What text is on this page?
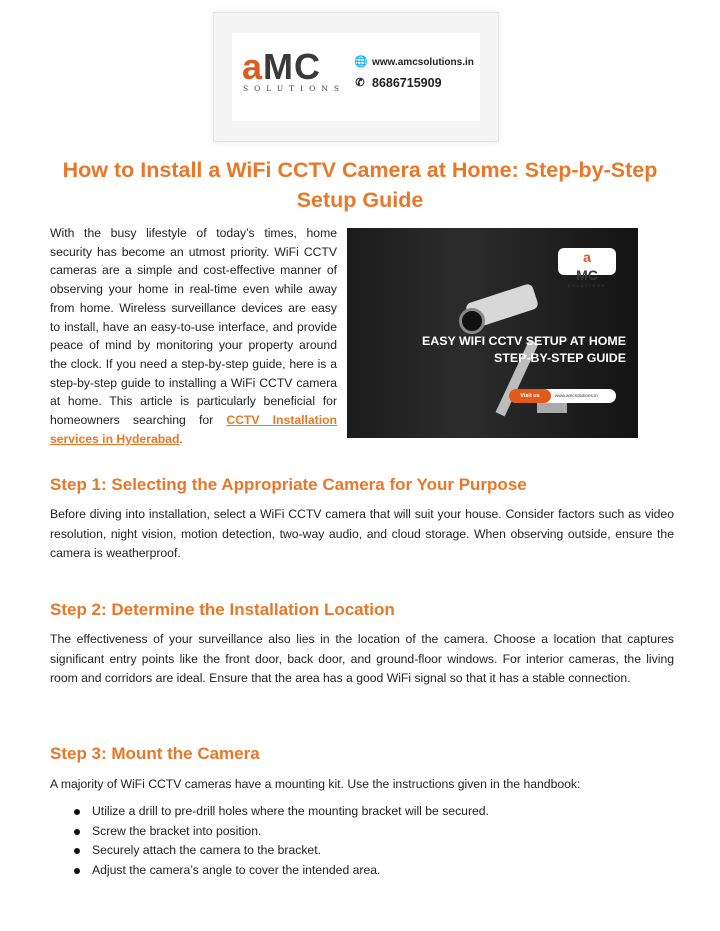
aMC
SOLUTIONS
🌐 www.amcsolutions.in
✆ 8686715909
How to Install a WiFi CCTV Camera at Home: Step-by-Step Setup Guide
With the busy lifestyle of today’s times, home security has become an utmost priority. WiFi CCTV cameras are a simple and cost-effective manner of observing your home in real-time even while away from home. Wireless surveillance devices are easy to install, have an easy-to-use interface, and provide peace of mind by monitoring your property around the clock. If you need a step-by-step guide, here is a step-by-step guide to installing a WiFi CCTV camera at home. This article is particularly beneficial for homeowners searching for CCTV Installation services in Hyderabad.
a
MC
SOLUTIONS
EASY WIFI CCTV SETUP AT HOME
STEP-BY-STEP GUIDE
Visit us	www.amcsolutions.in
Step 1: Selecting the Appropriate Camera for Your Purpose
Before diving into installation, select a WiFi CCTV camera that will suit your house. Consider factors such as video resolution, night vision, motion detection, two-way audio, and cloud storage. When observing outside, ensure the camera is weatherproof.
Step 2: Determine the Installation Location
The effectiveness of your surveillance also lies in the location of the camera. Choose a location that captures significant entry points like the front door, back door, and ground-floor windows. For interior cameras, the living room and corridors are ideal. Ensure that the area has a good WiFi signal so that it has a stable connection.
Step 3: Mount the Camera
A majority of WiFi CCTV cameras have a mounting kit. Use the instructions given in the handbook:
Utilize a drill to pre-drill holes where the mounting bracket will be secured.
Screw the bracket into position.
Securely attach the camera to the bracket.
Adjust the camera’s angle to cover the intended area.
